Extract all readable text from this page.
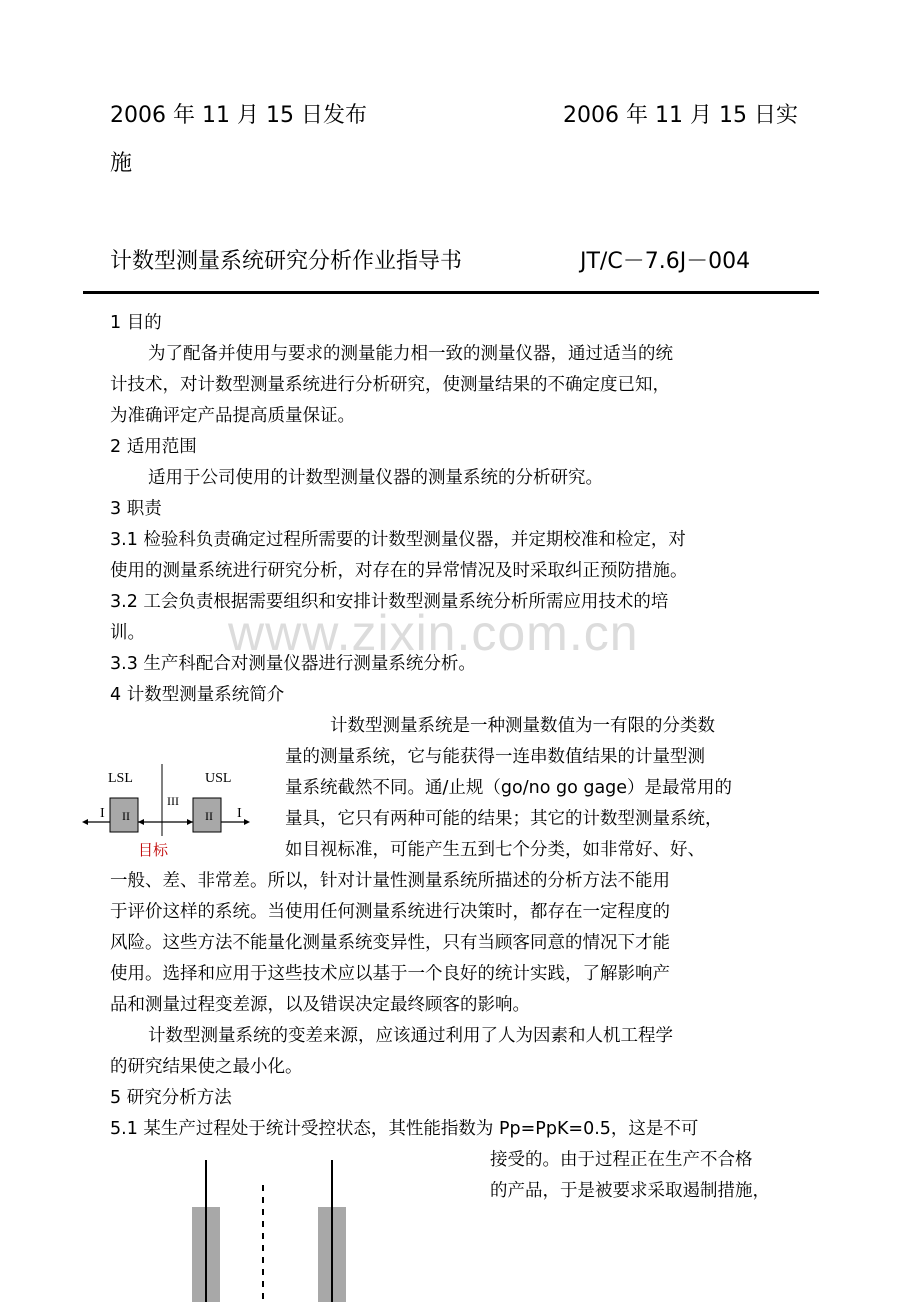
2006 年 11 月 15 日发布	2006 年 11 月 15 日实
施
计数型测量系统研究分析作业指导书	JT/C－7.6J－004
www.zixin.com.cn
1 目的
为了配备并使用与要求的测量能力相一致的测量仪器，通过适当的统
计技术，对计数型测量系统进行分析研究，使测量结果的不确定度已知，
为准确评定产品提高质量保证。
2 适用范围
适用于公司使用的计数型测量仪器的测量系统的分析研究。
3 职责
3.1 检验科负责确定过程所需要的计数型测量仪器，并定期校准和检定，对
使用的测量系统进行研究分析，对存在的异常情况及时采取纠正预防措施。
3.2 工会负责根据需要组织和安排计数型测量系统分析所需应用技术的培
训。
3.3 生产科配合对测量仪器进行测量系统分析。
4 计数型测量系统简介
计数型测量系统是一种测量数值为一有限的分类数
量的测量系统，它与能获得一连串数值结果的计量型测
量系统截然不同。通/止规（go/no go gage）是最常用的
量具，它只有两种可能的结果；其它的计数型测量系统，
如目视标准，可能产生五到七个分类，如非常好、好、
一般、差、非常差。所以，针对计量性测量系统所描述的分析方法不能用
于评价这样的系统。当使用任何测量系统进行决策时，都存在一定程度的
风险。这些方法不能量化测量系统变异性，只有当顾客同意的情况下才能
使用。选择和应用于这些技术应以基于一个良好的统计实践，了解影响产
品和测量过程变差源，以及错误决定最终顾客的影响。
计数型测量系统的变差来源，应该通过利用了人为因素和人机工程学
的研究结果使之最小化。
5 研究分析方法
5.1 某生产过程处于统计受控状态，其性能指数为 Pp=PpK=0.5，这是不可
接受的。由于过程正在生产不合格
的产品，于是被要求采取遏制措施，
LSL	USL
I	I
II	II
III
目标
